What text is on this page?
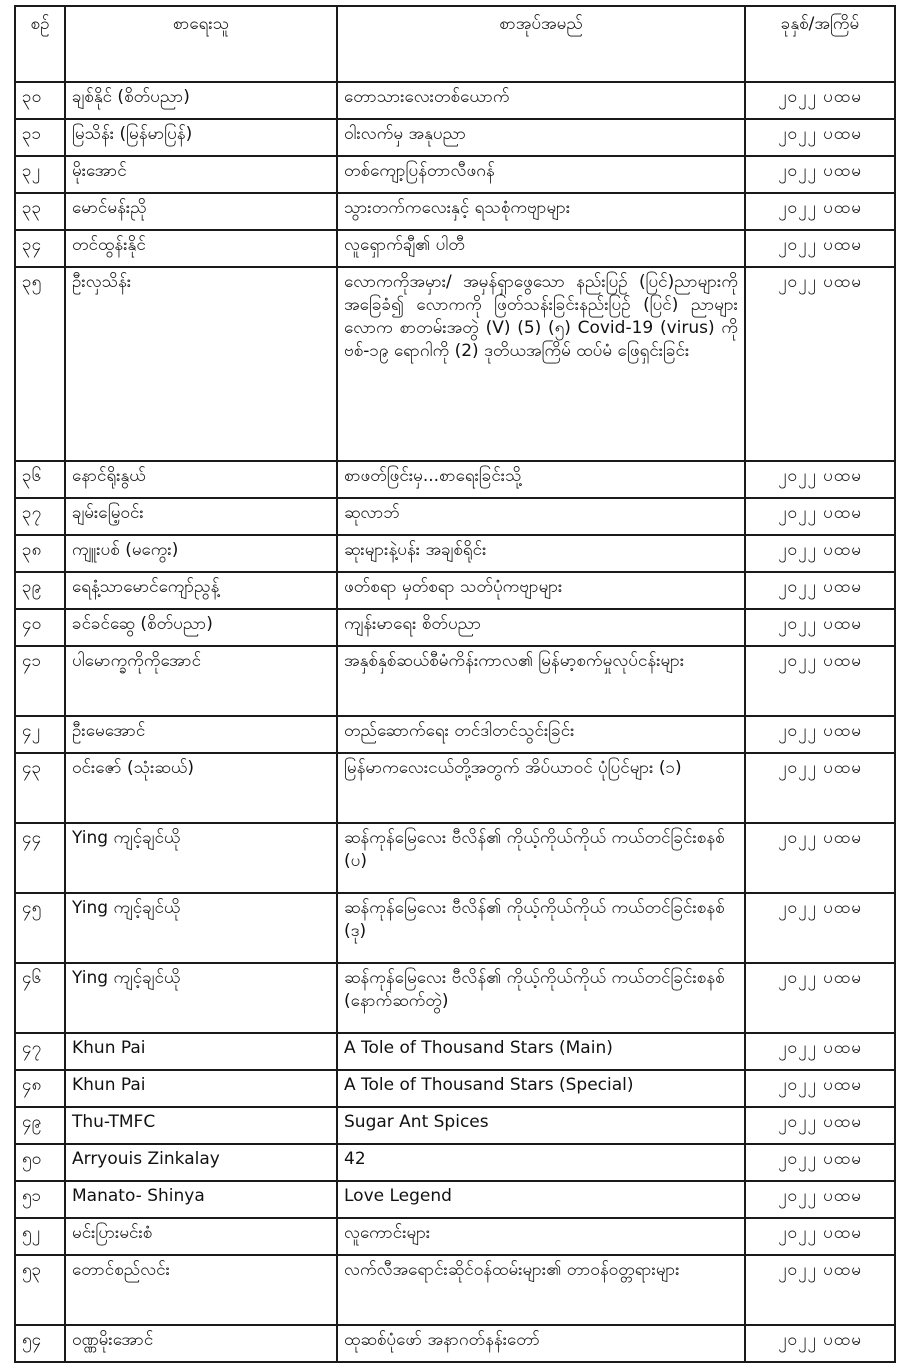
စဉ်	စာရေးသူ	စာအုပ်အမည်	ခုနှစ်/အကြိမ်
၃၀	ချစ်နိုင် (စိတ်ပညာ)	တောသားလေးတစ်ယောက်	၂၀၂၂ ပထမ
၃၁	မြသိန်း (မြန်မာပြန်)	ဝါးလက်မှ အနုပညာ	၂၀၂၂ ပထမ
၃၂	မိုးအောင်	တစ်ကျော့ပြန်တာလီဖဂန်	၂၀၂၂ ပထမ
၃၃	မောင်မန်းညို	သွားတက်ကလေးနှင့် ရသစုံကဗျာများ	၂၀၂၂ ပထမ
၃၄	တင်ထွန်းနိုင်	လူရှောက်ချီ၏ ပါတီ	၂၀၂၂ ပထမ
၃၅	ဦးလှသိန်း	လောကကိုအမှား/ အမှန်ရှာဖွေသော နည်းပြဉ် (ပြင်)ညာများကို အခြေခံ၍ လောကကို ဖြတ်သန်းခြင်းနည်းပြဉ် (ပြင်) ညာများ လောက စာတမ်းအတွဲ (V) (5) (၅) Covid-19 (virus) ကိုဗစ်-၁၉ ရောဂါကို (2) ဒုတိယအကြိမ် ထပ်မံ ဖြေရှင်းခြင်း	၂၀၂၂ ပထမ
၃၆	နောင်ရိုးနွယ်	စာဖတ်ဖြင်းမှ...စာရေးခြင်းသို့	၂၀၂၂ ပထမ
၃၇	ချမ်းမြေ့ဝင်း	ဆုလာဘ်	၂၀၂၂ ပထမ
၃၈	ကျူးပစ် (မကွေး)	ဆုးများနဲ့ပန်း အချစ်ရိုင်း	၂၀၂၂ ပထမ
၃၉	ရေနံ့သာမောင်ကျော်ညွန့်	ဖတ်စရာ မှတ်စရာ သတ်ပုံကဗျာများ	၂၀၂၂ ပထမ
၄၀	ခင်ခင်ဆွေ (စိတ်ပညာ)	ကျန်းမာရေး စိတ်ပညာ	၂၀၂၂ ပထမ
၄၁	ပါမောက္ခကိုကိုအောင်	အနှစ်နှစ်ဆယ်စီမံကိန်းကာလ၏ မြန်မာ့စက်မှုလုပ်ငန်းများ	၂၀၂၂ ပထမ
၄၂	ဦးမေအောင်	တည်ဆောက်ရေး တင်ဒါတင်သွင်းခြင်း	၂၀၂၂ ပထမ
၄၃	ဝင်းဇော် (သုံးဆယ်)	မြန်မာကလေးငယ်တို့အတွက် အိပ်ယာဝင် ပုံပြင်များ (၁)	၂၀၂၂ ပထမ
၄၄	Ying ကျင့်ချင်ယို	ဆန်ကုန်မြေလေး ဗီလိန်၏ ကိုယ့်ကိုယ်ကိုယ် ကယ်တင်ခြင်းစနစ် (ပ)	၂၀၂၂ ပထမ
၄၅	Ying ကျင့်ချင်ယို	ဆန်ကုန်မြေလေး ဗီလိန်၏ ကိုယ့်ကိုယ်ကိုယ် ကယ်တင်ခြင်းစနစ် (ဒု)	၂၀၂၂ ပထမ
၄၆	Ying ကျင့်ချင်ယို	ဆန်ကုန်မြေလေး ဗီလိန်၏ ကိုယ့်ကိုယ်ကိုယ် ကယ်တင်ခြင်းစနစ် (နောက်ဆက်တွဲ)	၂၀၂၂ ပထမ
၄၇	Khun Pai	A Tole of Thousand Stars (Main)	၂၀၂၂ ပထမ
၄၈	Khun Pai	A Tole of Thousand Stars (Special)	၂၀၂၂ ပထမ
၄၉	Thu-TMFC	Sugar Ant Spices	၂၀၂၂ ပထမ
၅၀	Arryouis Zinkalay	42	၂၀၂၂ ပထမ
၅၁	Manato- Shinya	Love Legend	၂၀၂၂ ပထမ
၅၂	မင်းပြားမင်းစံ	လူကောင်းများ	၂၀၂၂ ပထမ
၅၃	တောင်စည်လင်း	လက်လီအရောင်းဆိုင်ဝန်ထမ်းများ၏ တာဝန်ဝတ္တရားများ	၂၀၂၂ ပထမ
၅၄	ဝဏ္ဏမိုးအောင်	ထုဆစ်ပုံဖော် အနာဂတ်နန်းတော်	၂၀၂၂ ပထမ
